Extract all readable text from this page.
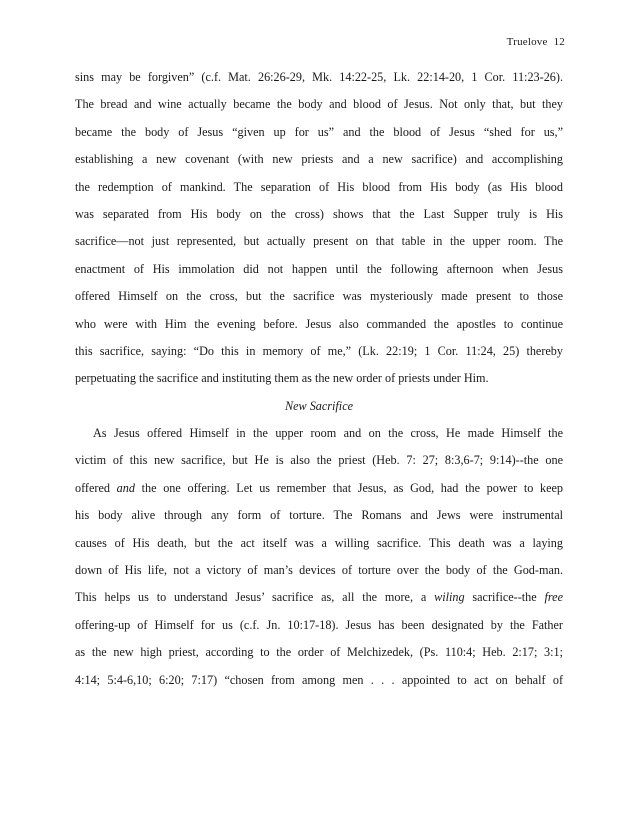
Truelove 12
sins may be forgiven” (c.f. Mat. 26:26-29, Mk. 14:22-25, Lk. 22:14-20, 1 Cor. 11:23-26).
The bread and wine actually became the body and blood of Jesus. Not only that, but they
became the body of Jesus “given up for us” and the blood of Jesus “shed for us,”
establishing a new covenant (with new priests and a new sacrifice) and accomplishing
the redemption of mankind. The separation of His blood from His body (as His blood
was separated from His body on the cross) shows that the Last Supper truly is His
sacrifice—not just represented, but actually present on that table in the upper room. The
enactment of His immolation did not happen until the following afternoon when Jesus
offered Himself on the cross, but the sacrifice was mysteriously made present to those
who were with Him the evening before. Jesus also commanded the apostles to continue
this sacrifice, saying: “Do this in memory of me,” (Lk. 22:19; 1 Cor. 11:24, 25) thereby
perpetuating the sacrifice and instituting them as the new order of priests under Him.
New Sacrifice
As Jesus offered Himself in the upper room and on the cross, He made Himself the
victim of this new sacrifice, but He is also the priest (Heb. 7: 27; 8:3,6-7; 9:14)--the one
offered and the one offering. Let us remember that Jesus, as God, had the power to keep
his body alive through any form of torture. The Romans and Jews were instrumental
causes of His death, but the act itself was a willing sacrifice. This death was a laying
down of His life, not a victory of man’s devices of torture over the body of the God-man.
This helps us to understand Jesus’ sacrifice as, all the more, a wiling sacrifice--the free
offering-up of Himself for us (c.f. Jn. 10:17-18). Jesus has been designated by the Father
as the new high priest, according to the order of Melchizedek, (Ps. 110:4; Heb. 2:17; 3:1;
4:14; 5:4-6,10; 6:20; 7:17) “chosen from among men . . . appointed to act on behalf of
